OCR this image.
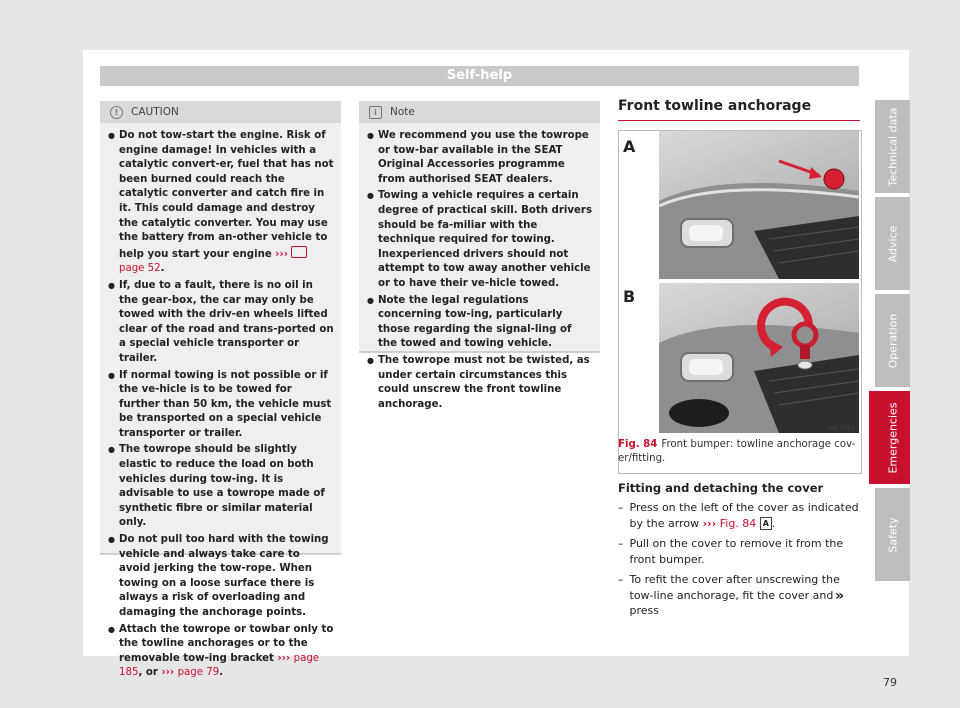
Self-help
!	CAUTION
● Do not tow-start the engine. Risk of engine damage! In vehicles with a catalytic convert-er, fuel that has not been burned could reach the catalytic converter and catch fire in it. This could damage and destroy the catalytic converter. You may use the battery from an-other vehicle to help you start your engine ›››page 52.
● If, due to a fault, there is no oil in the gear-box, the car may only be towed with the driv-en wheels lifted clear of the road and trans-ported on a special vehicle transporter or trailer.
● If normal towing is not possible or if the ve-hicle is to be towed for further than 50 km, the vehicle must be transported on a special vehicle transporter or trailer.
● The towrope should be slightly elastic to reduce the load on both vehicles during tow-ing. It is advisable to use a towrope made of synthetic fibre or similar material only.
● Do not pull too hard with the towing vehicle and always take care to avoid jerking the tow-rope. When towing on a loose surface there is always a risk of overloading and damaging the anchorage points.
● Attach the towrope or towbar only to the towline anchorages or to the removable tow-ing bracket ››› page 185, or ››› page 79.
i	Note
● We recommend you use the towrope or tow-bar available in the SEAT Original Accessories programme from authorised SEAT dealers.
● Towing a vehicle requires a certain degree of practical skill. Both drivers should be fa-miliar with the technique required for towing. Inexperienced drivers should not attempt to tow away another vehicle or to have their ve-hicle towed.
● Note the legal regulations concerning tow-ing, particularly those regarding the signal-ling of the towed and towing vehicle.
● The towrope must not be twisted, as under certain circumstances this could unscrew the front towline anchorage.
Front towline anchorage
A
B
6JA-0221
Fig. 84 Front bumper: towline anchorage cov-er/fitting.
Fitting and detaching the cover
– Press on the left of the cover as indicated by the arrow ››› Fig. 84 A .
– Pull on the cover to remove it from the front bumper.
– To refit the cover after unscrewing the tow-line anchorage, fit the cover and press
»
Technical data
Advice
Operation
Emergencies
Safety
79
